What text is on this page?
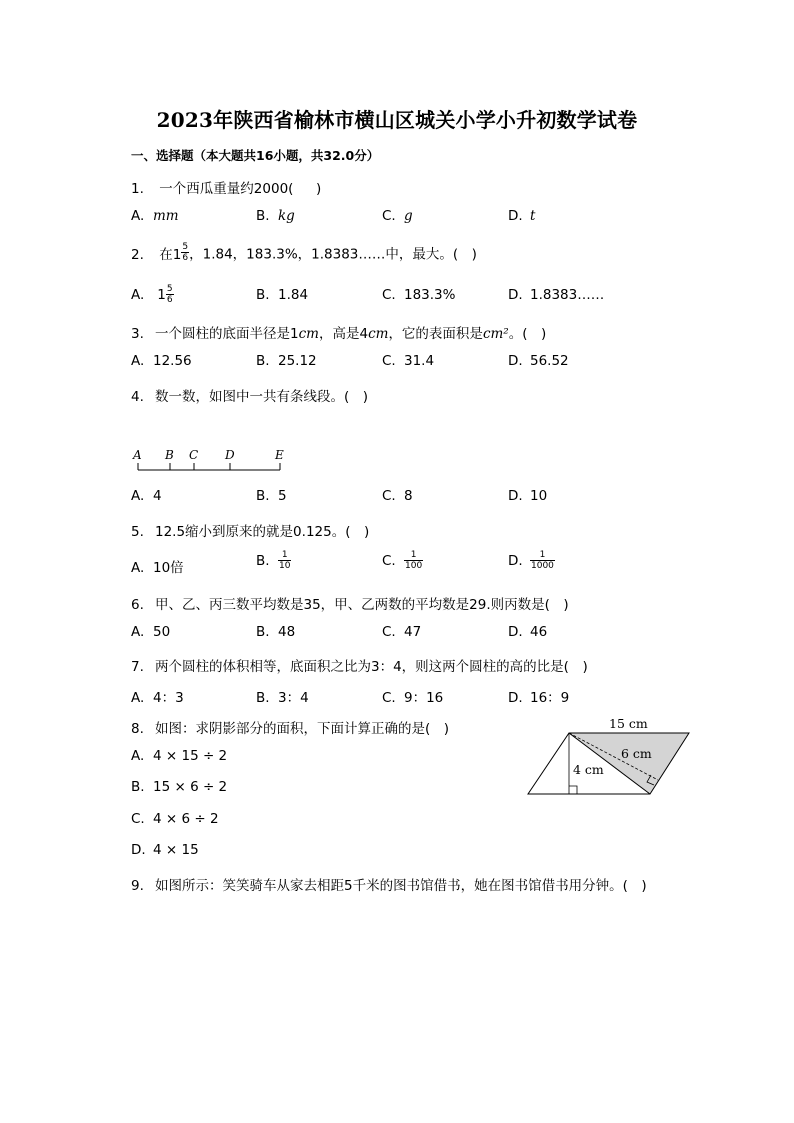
2023年陕西省榆林市横山区城关小学小升初数学试卷
一、选择题（本大题共16小题，共32.0分）
1. 一个西瓜重量约2000( )
A. mm	B. kg	C. g	D. t
2. 在$1 \frac{5}{6}$ ，1.84，183.3%，1.8383……中，最大。(　)
A. $1 \frac{5}{6}$	B. 1.84	C. 183.3%	D. 1.8383……
3. 一个圆柱的底面半径是1cm，高是4cm，它的表面积是cm²。(　)
A. 12.56	B. 25.12	C. 31.4	D. 56.52
4. 数一数，如图中一共有条线段。(　)
A B C D	E
A. 4	B. 5	C. 8	D. 10
5. 12.5缩小到原来的就是0.125。(　)
A. 10倍	B. $\frac{1}{10}$	C. $\frac{1}{100}$	D. $\frac{1}{1000}$
6. 甲、乙、丙三数平均数是35，甲、乙两数的平均数是29.则丙数是(　)
A. 50	B. 48	C. 47	D. 46
7. 两个圆柱的体积相等，底面积之比为3：4，则这两个圆柱的高的比是(　)
A. 4：3	B. 3：4	C. 9：16	D. 16：9
8. 如图：求阴影部分的面积，下面计算正确的是(　)	15 cm
6 cm
4 cm
A. 4 × 15 ÷ 2
B. 15 × 6 ÷ 2
C. 4 × 6 ÷ 2
D. 4 × 15
9. 如图所示：笑笑骑车从家去相距5千米的图书馆借书，她在图书馆借书用分钟。(　)
